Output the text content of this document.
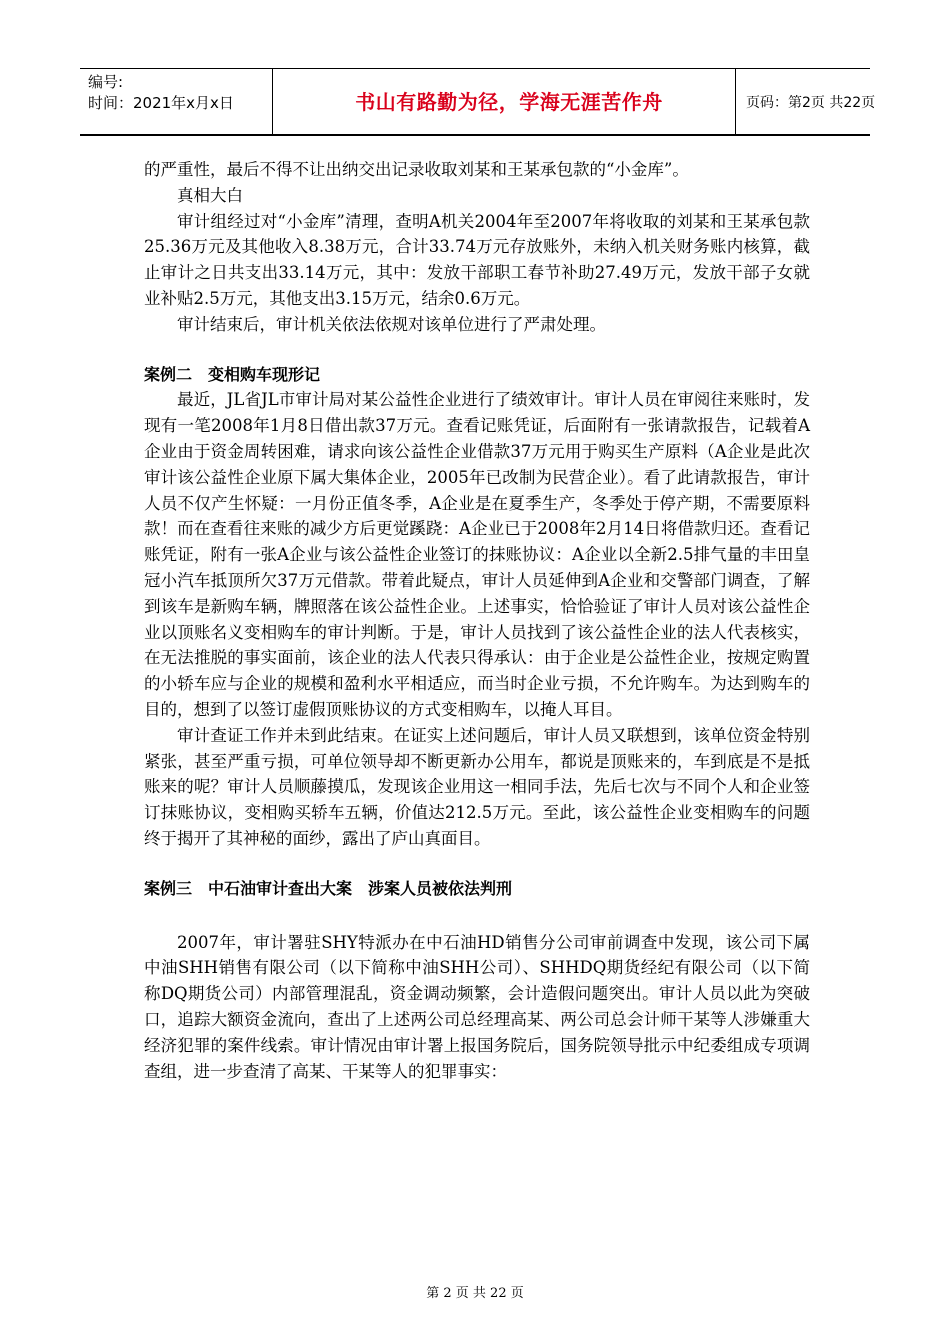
编号:
时间：2021年x月x日	书山有路勤为径，学海无涯苦作舟	页码：第2页 共22页

的严重性，最后不得不让出纳交出记录收取刘某和王某承包款的“小金库”。

真相大白

审计组经过对“小金库”清理，查明A机关2004年至2007年将收取的刘某和王某承包款25.36万元及其他收入8.38万元，合计33.74万元存放账外，未纳入机关财务账内核算，截止审计之日共支出33.14万元，其中：发放干部职工春节补助27.49万元，发放干部子女就业补贴2.5万元，其他支出3.15万元，结余0.6万元。

审计结束后，审计机关依法依规对该单位进行了严肃处理。

案例二　变相购车现形记

最近，JL省JL市审计局对某公益性企业进行了绩效审计。审计人员在审阅往来账时，发现有一笔2008年1月8日借出款37万元。查看记账凭证，后面附有一张请款报告，记载着A企业由于资金周转困难，请求向该公益性企业借款37万元用于购买生产原料（A企业是此次审计该公益性企业原下属大集体企业，2005年已改制为民营企业）。看了此请款报告，审计人员不仅产生怀疑：一月份正值冬季，A企业是在夏季生产，冬季处于停产期，不需要原料款！而在查看往来账的减少方后更觉蹊跷：A企业已于2008年2月14日将借款归还。查看记账凭证，附有一张A企业与该公益性企业签订的抹账协议：A企业以全新2.5排气量的丰田皇冠小汽车抵顶所欠37万元借款。带着此疑点，审计人员延伸到A企业和交警部门调查，了解到该车是新购车辆，牌照落在该公益性企业。上述事实，恰恰验证了审计人员对该公益性企业以顶账名义变相购车的审计判断。于是，审计人员找到了该公益性企业的法人代表核实，在无法推脱的事实面前，该企业的法人代表只得承认：由于企业是公益性企业，按规定购置的小轿车应与企业的规模和盈利水平相适应，而当时企业亏损，不允许购车。为达到购车的目的，想到了以签订虚假顶账协议的方式变相购车，以掩人耳目。

审计查证工作并未到此结束。在证实上述问题后，审计人员又联想到，该单位资金特别紧张，甚至严重亏损，可单位领导却不断更新办公用车，都说是顶账来的，车到底是不是抵账来的呢？审计人员顺藤摸瓜，发现该企业用这一相同手法，先后七次与不同个人和企业签订抹账协议，变相购买轿车五辆，价值达212.5万元。至此，该公益性企业变相购车的问题终于揭开了其神秘的面纱，露出了庐山真面目。

案例三　中石油审计查出大案　涉案人员被依法判刑

2007年，审计署驻SHY特派办在中石油HD销售分公司审前调查中发现，该公司下属中油SHH销售有限公司（以下简称中油SHH公司）、SHHDQ期货经纪有限公司（以下简称DQ期货公司）内部管理混乱，资金调动频繁，会计造假问题突出。审计人员以此为突破口，追踪大额资金流向，查出了上述两公司总经理高某、两公司总会计师干某等人涉嫌重大经济犯罪的案件线索。审计情况由审计署上报国务院后，国务院领导批示中纪委组成专项调查组，进一步查清了高某、干某等人的犯罪事实：

第 2 页 共 22 页
